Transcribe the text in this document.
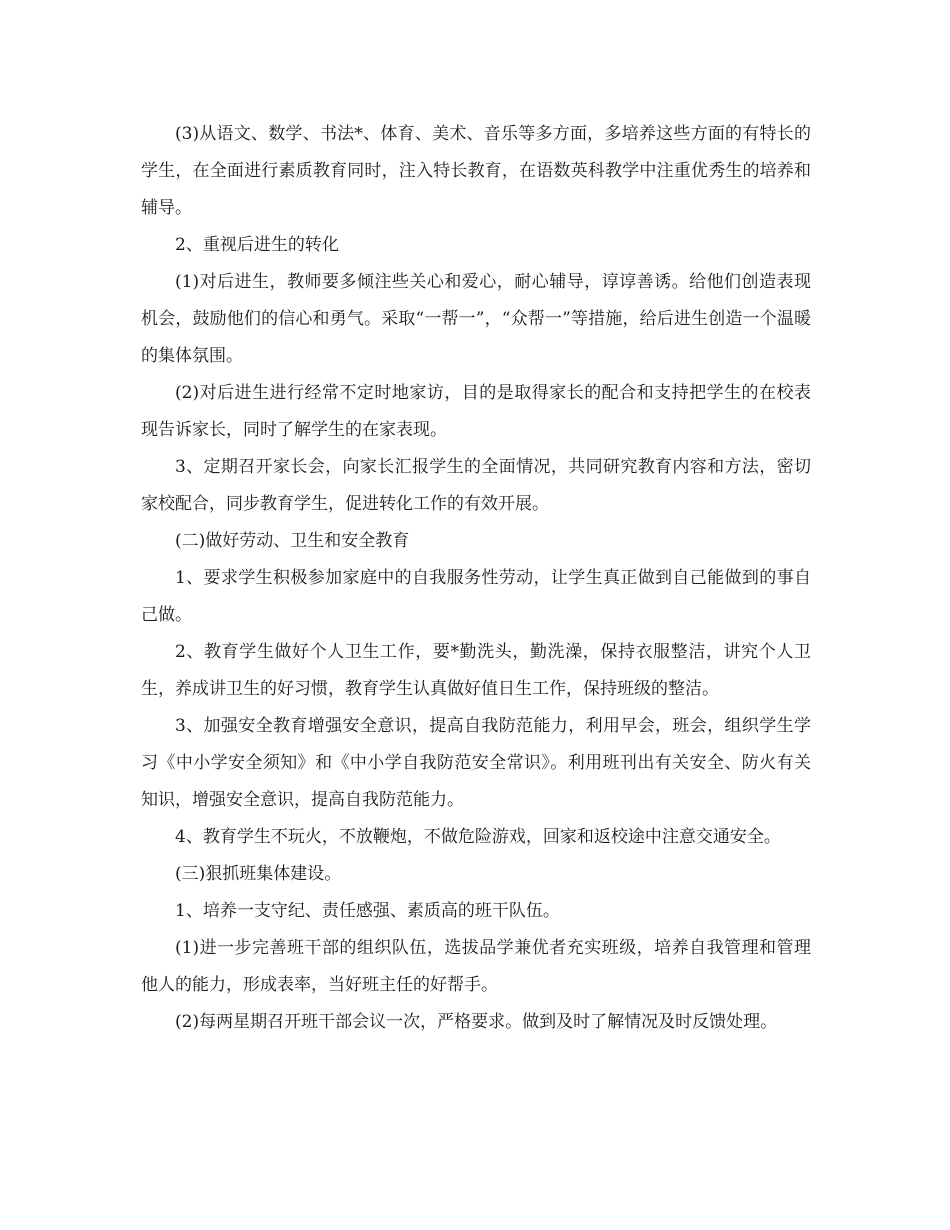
(3)从语文、数学、书法*、体育、美术、音乐等多方面，多培养这些方面的有特长的学生，在全面进行素质教育同时，注入特长教育，在语数英科教学中注重优秀生的培养和辅导。

2、重视后进生的转化

(1)对后进生，教师要多倾注些关心和爱心，耐心辅导，谆谆善诱。给他们创造表现机会，鼓励他们的信心和勇气。采取“一帮一”，“众帮一”等措施，给后进生创造一个温暖的集体氛围。

(2)对后进生进行经常不定时地家访，目的是取得家长的配合和支持把学生的在校表现告诉家长，同时了解学生的在家表现。

3、定期召开家长会，向家长汇报学生的全面情况，共同研究教育内容和方法，密切家校配合，同步教育学生，促进转化工作的有效开展。

(二)做好劳动、卫生和安全教育

1、要求学生积极参加家庭中的自我服务性劳动，让学生真正做到自己能做到的事自己做。

2、教育学生做好个人卫生工作，要*勤洗头，勤洗澡，保持衣服整洁，讲究个人卫生，养成讲卫生的好习惯，教育学生认真做好值日生工作，保持班级的整洁。

3、加强安全教育增强安全意识，提高自我防范能力，利用早会，班会，组织学生学习《中小学安全须知》和《中小学自我防范安全常识》。利用班刊出有关安全、防火有关知识，增强安全意识，提高自我防范能力。

4、教育学生不玩火，不放鞭炮，不做危险游戏，回家和返校途中注意交通安全。

(三)狠抓班集体建设。

1、培养一支守纪、责任感强、素质高的班干队伍。

(1)进一步完善班干部的组织队伍，选拔品学兼优者充实班级，培养自我管理和管理他人的能力，形成表率，当好班主任的好帮手。

(2)每两星期召开班干部会议一次，严格要求。做到及时了解情况及时反馈处理。
